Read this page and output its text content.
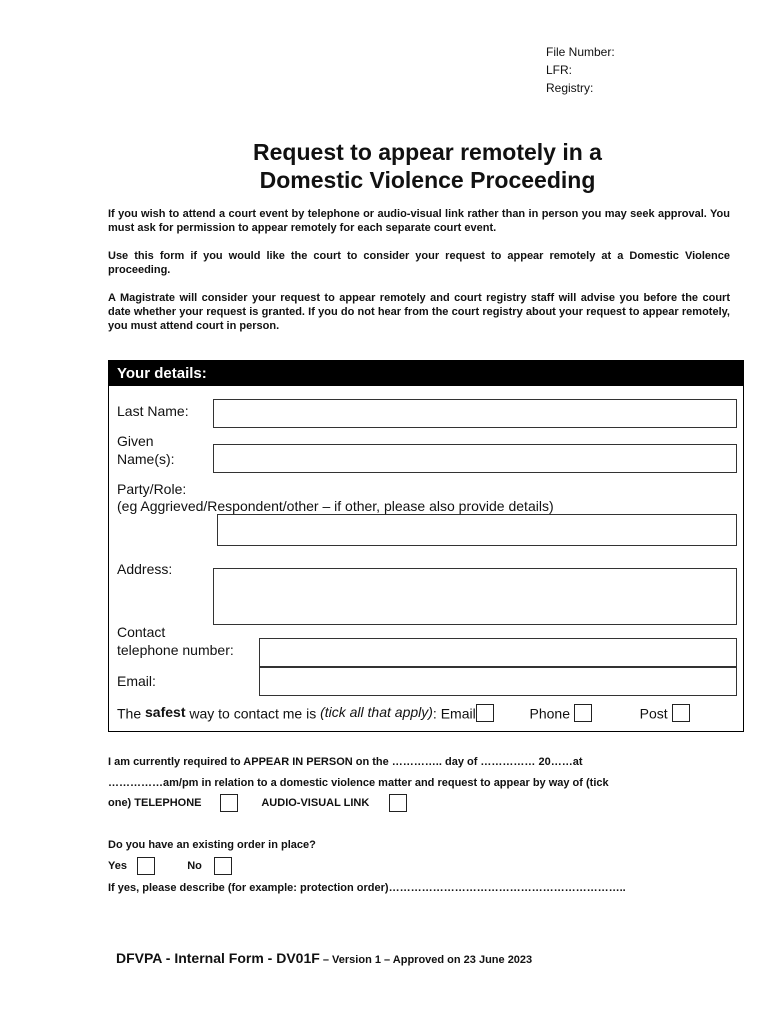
File Number:
LFR:
Registry:
Request to appear remotely in a
Domestic Violence Proceeding

If you wish to attend a court event by telephone or audio-visual link rather than in person you may seek approval. You must ask for permission to appear remotely for each separate court event.

Use this form if you would like the court to consider your request to appear remotely at a Domestic Violence proceeding.

A Magistrate will consider your request to appear remotely and court registry staff will advise you before the court date whether your request is granted. If you do not hear from the court registry about your request to appear remotely, you must attend court in person.

Your details:
Last Name:
Given
Name(s):
Party/Role:
(eg Aggrieved/Respondent/other – if other, please also provide details)
Address:
Contact
telephone number:
Email:
The safest way to contact me is (tick all that apply): Email	Phone	Post
I am currently required to APPEAR IN PERSON on the ………….. day of …………… 20……at
……………am/pm in relation to a domestic violence matter and request to appear by way of (tick
one) TELEPHONE	AUDIO-VISUAL LINK
Do you have an existing order in place?
Yes	No
If yes, please describe (for example: protection order)………………………………………………………..
DFVPA - Internal Form - DV01F – Version 1 – Approved on 23 June 2023
